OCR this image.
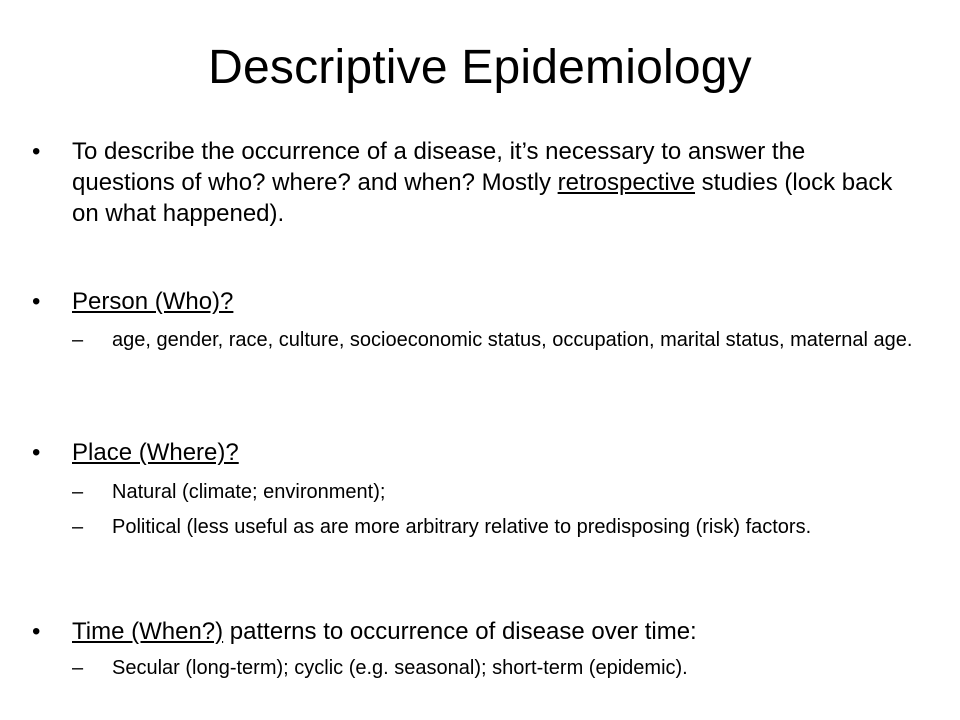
Descriptive Epidemiology
• To describe the occurrence of a disease, it’s necessary to answer the questions of who? where? and when? Mostly retrospective studies (lock back on what happened).
• Person (Who)?
– age, gender, race, culture, socioeconomic status, occupation, marital status, maternal age.
• Place (Where)?
– Natural (climate; environment);
– Political (less useful as are more arbitrary relative to predisposing (risk) factors.
• Time (When?) patterns to occurrence of disease over time:
– Secular (long-term); cyclic (e.g. seasonal); short-term (epidemic).
